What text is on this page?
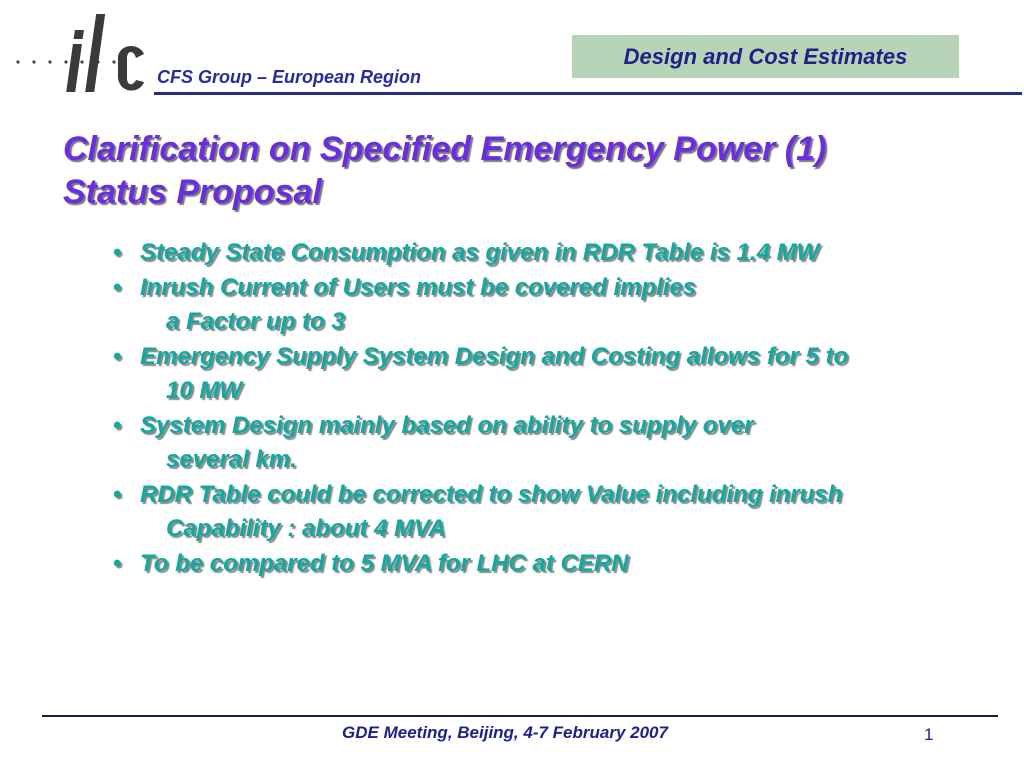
CFS Group – European Region
Design and Cost Estimates
Clarification on Specified Emergency Power (1)
Status Proposal
• Steady State Consumption as given in RDR Table is 1.4 MW
• Inrush Current of Users must be covered implies
a Factor up to 3
• Emergency Supply System Design and Costing allows for 5 to
10 MW
• System Design mainly based on ability to supply over
several km.
• RDR Table could be corrected to show Value including inrush
Capability : about 4 MVA
• To be compared to 5 MVA for LHC at CERN
GDE Meeting, Beijing, 4-7 February 2007	1
